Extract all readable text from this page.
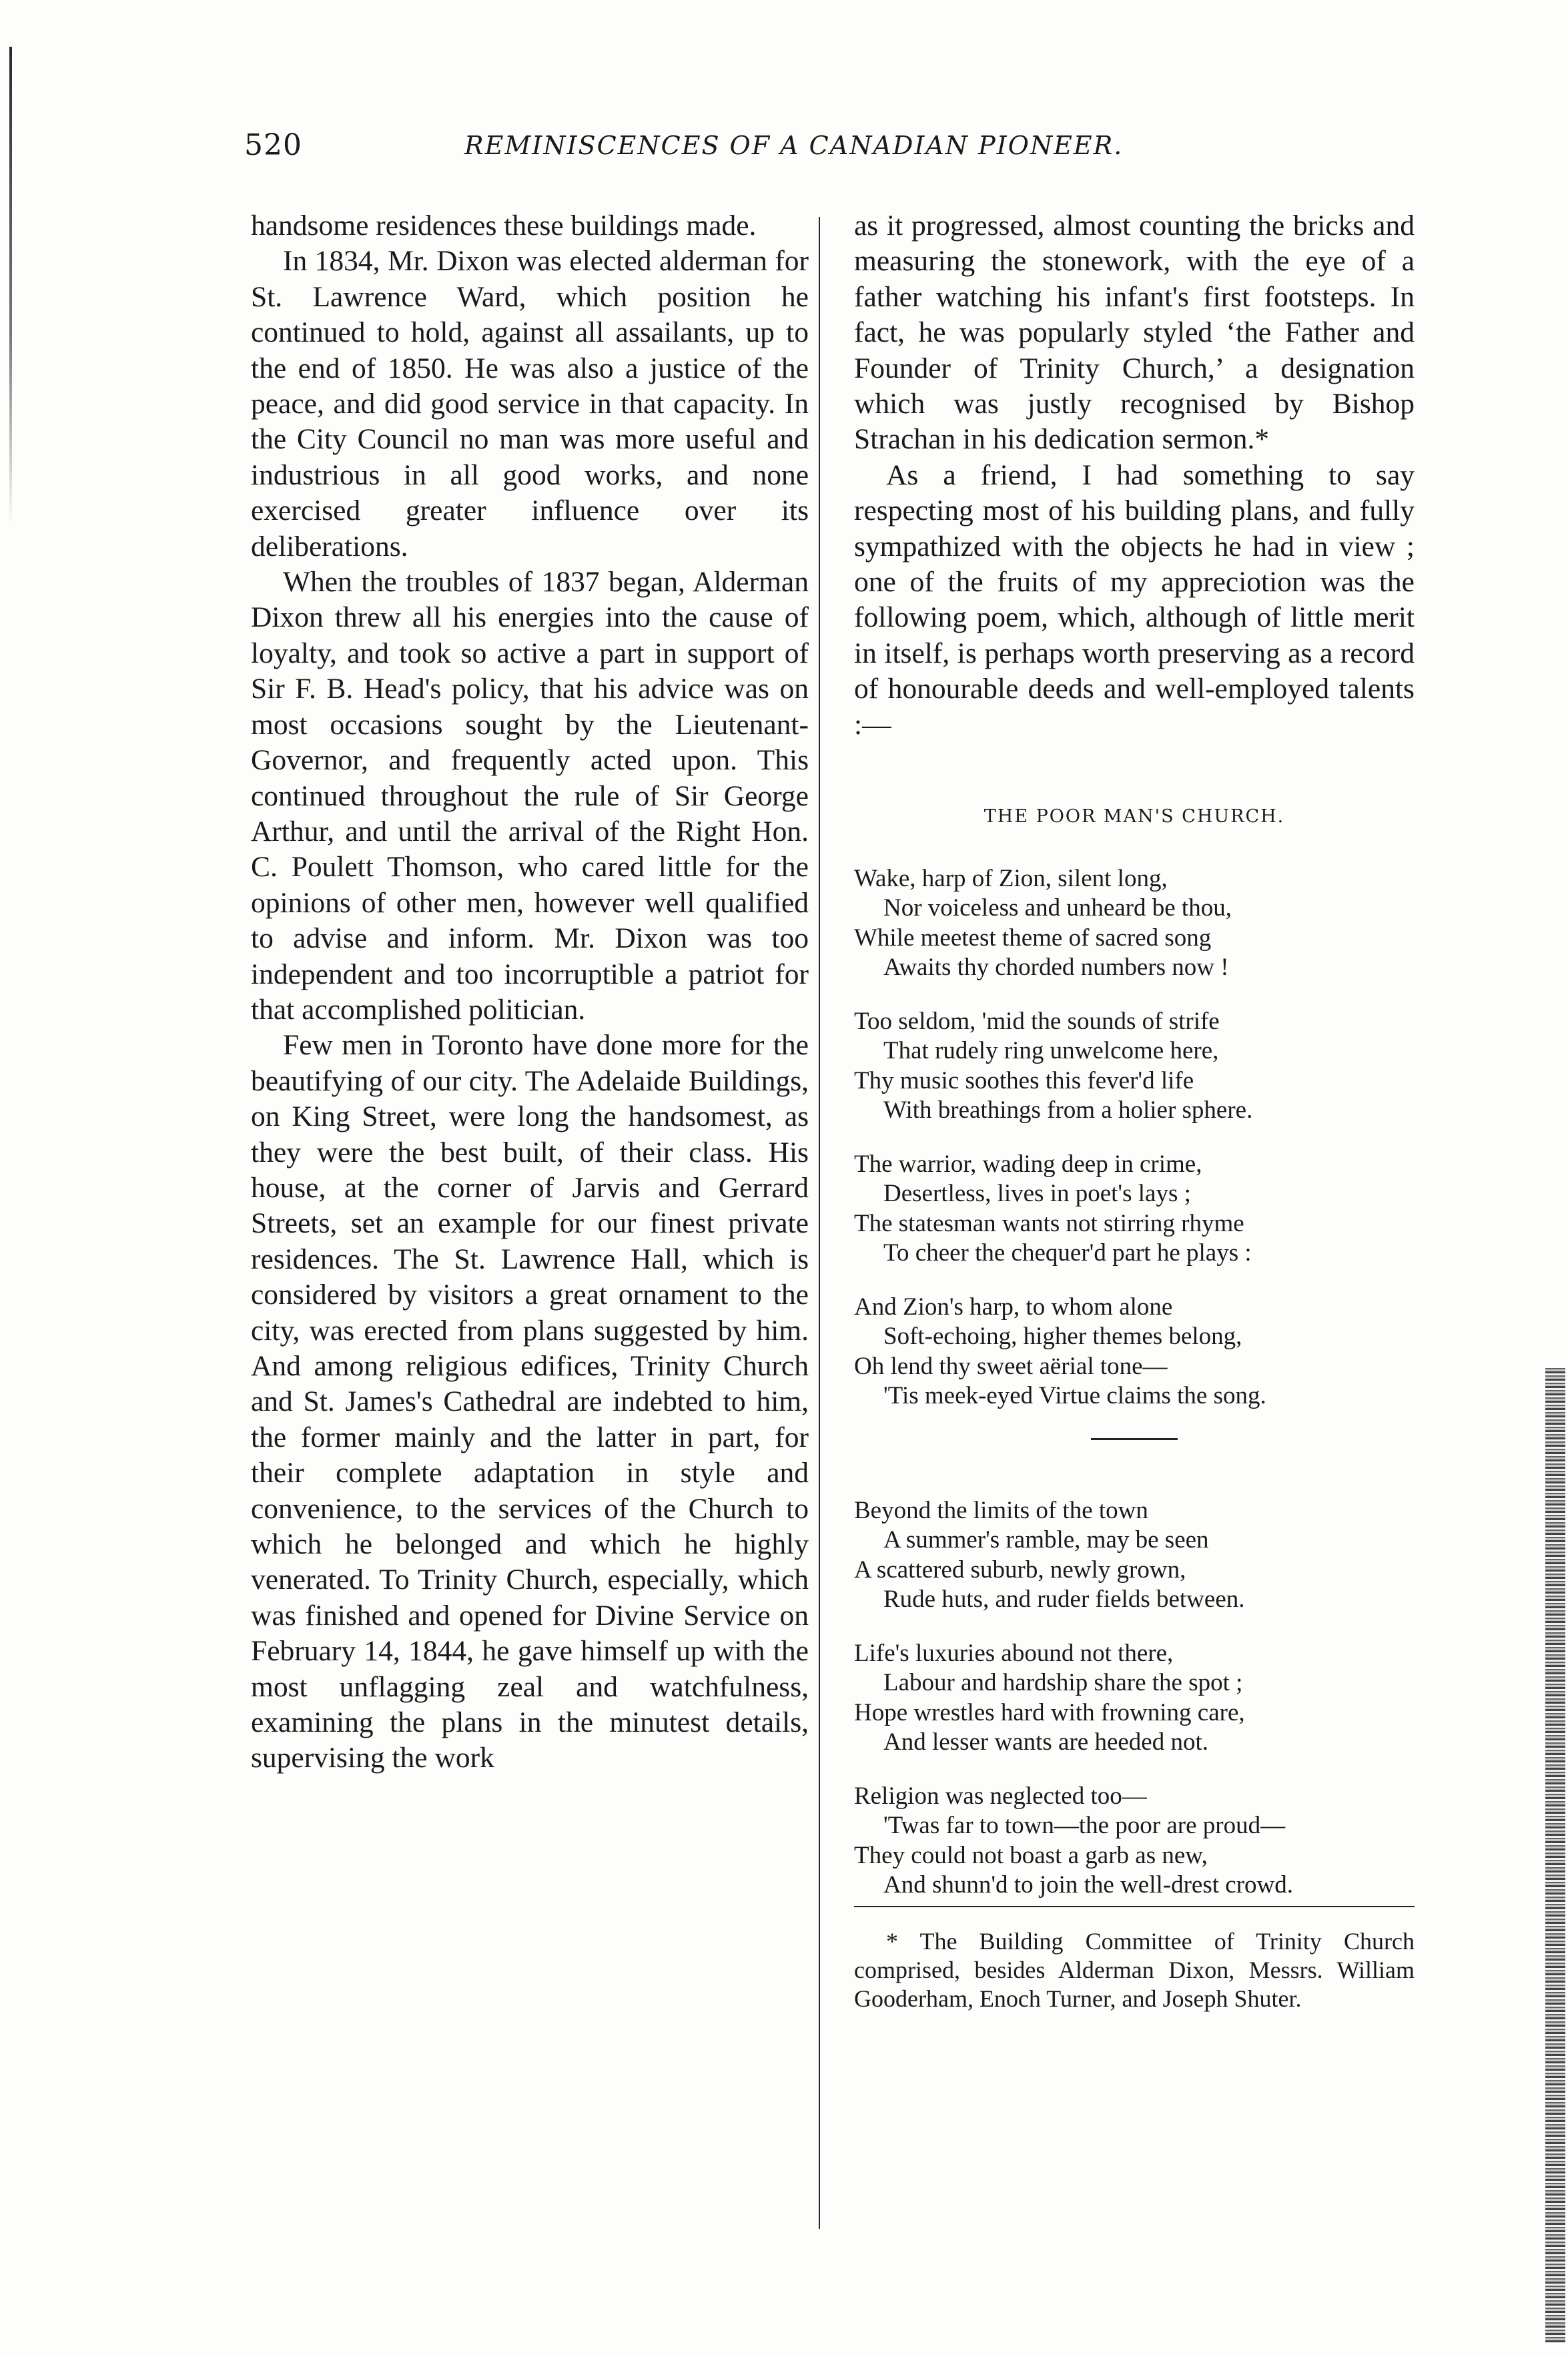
520	REMINISCENCES OF A CANADIAN PIONEER.

handsome residences these buildings made.

In 1834, Mr. Dixon was elected alderman for St. Lawrence Ward, which position he continued to hold, against all assailants, up to the end of 1850. He was also a justice of the peace, and did good service in that capacity. In the City Council no man was more useful and industrious in all good works, and none exercised greater influence over its deliberations.

When the troubles of 1837 began, Alderman Dixon threw all his energies into the cause of loyalty, and took so active a part in support of Sir F. B. Head's policy, that his advice was on most occasions sought by the Lieutenant-Governor, and frequently acted upon. This continued throughout the rule of Sir George Arthur, and until the arrival of the Right Hon. C. Poulett Thomson, who cared little for the opinions of other men, however well qualified to advise and inform. Mr. Dixon was too independent and too incorruptible a patriot for that accomplished politician.

Few men in Toronto have done more for the beautifying of our city. The Adelaide Buildings, on King Street, were long the handsomest, as they were the best built, of their class. His house, at the corner of Jarvis and Gerrard Streets, set an example for our finest private residences. The St. Lawrence Hall, which is considered by visitors a great ornament to the city, was erected from plans suggested by him. And among religious edifices, Trinity Church and St. James's Cathedral are indebted to him, the former mainly and the latter in part, for their complete adaptation in style and convenience, to the services of the Church to which he belonged and which he highly venerated. To Trinity Church, especially, which was finished and opened for Divine Service on February 14, 1844, he gave himself up with the most unflagging zeal and watchfulness, examining the plans in the minutest details, supervising the work

as it progressed, almost counting the bricks and measuring the stonework, with the eye of a father watching his infant's first footsteps. In fact, he was popularly styled ‘the Father and Founder of Trinity Church,’ a designation which was justly recognised by Bishop Strachan in his dedication sermon.*

As a friend, I had something to say respecting most of his building plans, and fully sympathized with the objects he had in view ; one of the fruits of my appreciotion was the following poem, which, although of little merit in itself, is perhaps worth preserving as a record of honourable deeds and well-employed talents :—

THE POOR MAN'S CHURCH.
Wake, harp of Zion, silent long,
Nor voiceless and unheard be thou,
While meetest theme of sacred song
Awaits thy chorded numbers now !
Too seldom, 'mid the sounds of strife
That rudely ring unwelcome here,
Thy music soothes this fever'd life
With breathings from a holier sphere.
The warrior, wading deep in crime,
Desertless, lives in poet's lays ;
The statesman wants not stirring rhyme
To cheer the chequer'd part he plays :
And Zion's harp, to whom alone
Soft-echoing, higher themes belong,
Oh lend thy sweet aërial tone—
'Tis meek-eyed Virtue claims the song.
Beyond the limits of the town
A summer's ramble, may be seen
A scattered suburb, newly grown,
Rude huts, and ruder fields between.
Life's luxuries abound not there,
Labour and hardship share the spot ;
Hope wrestles hard with frowning care,
And lesser wants are heeded not.
Religion was neglected too—
'Twas far to town—the poor are proud—
They could not boast a garb as new,
And shunn'd to join the well-drest crowd.

* The Building Committee of Trinity Church comprised, besides Alderman Dixon, Messrs. William Gooderham, Enoch Turner, and Joseph Shuter.
